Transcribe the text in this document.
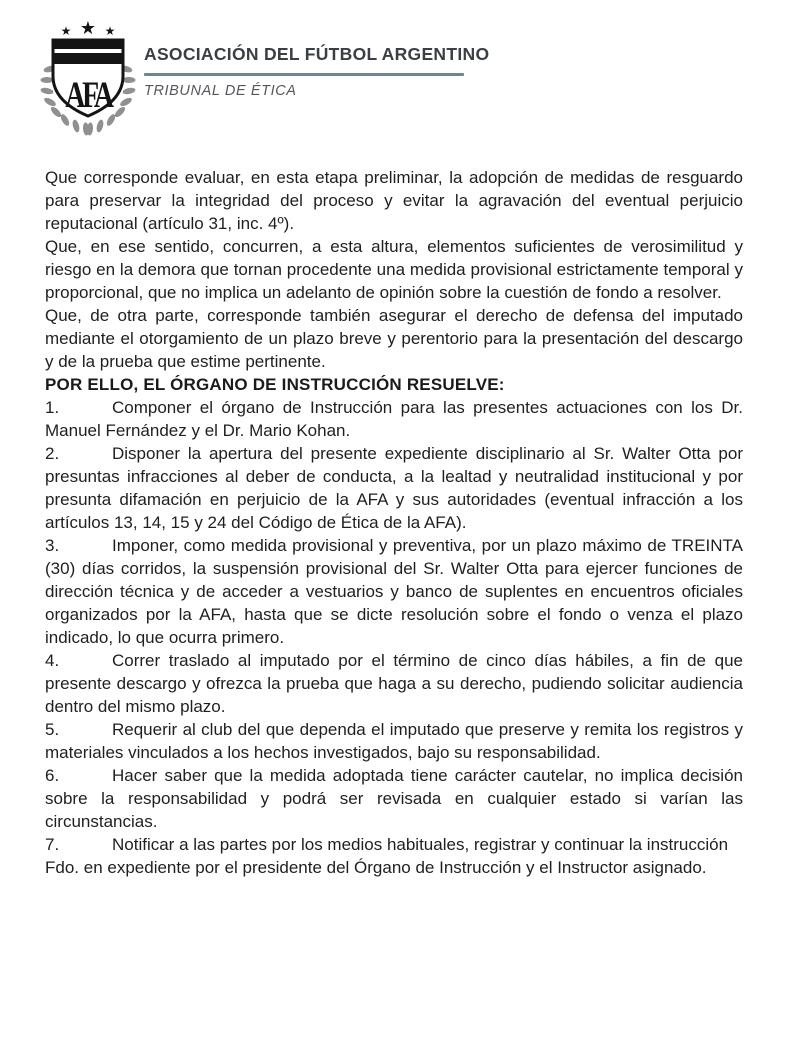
★ ★ ★
AFA
ASOCIACIÓN DEL FÚTBOL ARGENTINO
TRIBUNAL DE ÉTICA

Que corresponde evaluar, en esta etapa preliminar, la adopción de medidas de resguardo para preservar la integridad del proceso y evitar la agravación del eventual perjuicio reputacional (artículo 31, inc. 4º).

Que, en ese sentido, concurren, a esta altura, elementos suficientes de verosimilitud y riesgo en la demora que tornan procedente una medida provisional estrictamente temporal y proporcional, que no implica un adelanto de opinión sobre la cuestión de fondo a resolver.

Que, de otra parte, corresponde también asegurar el derecho de defensa del imputado mediante el otorgamiento de un plazo breve y perentorio para la presentación del descargo y de la prueba que estime pertinente.

POR ELLO, EL ÓRGANO DE INSTRUCCIÓN RESUELVE:

1.	Componer el órgano de Instrucción para las presentes actuaciones con los Dr. Manuel Fernández y el Dr. Mario Kohan.

2.	Disponer la apertura del presente expediente disciplinario al Sr. Walter Otta por presuntas infracciones al deber de conducta, a la lealtad y neutralidad institucional y por presunta difamación en perjuicio de la AFA y sus autoridades (eventual infracción a los artículos 13, 14, 15 y 24 del Código de Ética de la AFA).

3.	Imponer, como medida provisional y preventiva, por un plazo máximo de TREINTA (30) días corridos, la suspensión provisional del Sr. Walter Otta para ejercer funciones de dirección técnica y de acceder a vestuarios y banco de suplentes en encuentros oficiales organizados por la AFA, hasta que se dicte resolución sobre el fondo o venza el plazo indicado, lo que ocurra primero.

4.	Correr traslado al imputado por el término de cinco días hábiles, a fin de que presente descargo y ofrezca la prueba que haga a su derecho, pudiendo solicitar audiencia dentro del mismo plazo.

5.	Requerir al club del que dependa el imputado que preserve y remita los registros y materiales vinculados a los hechos investigados, bajo su responsabilidad.

6.	Hacer saber que la medida adoptada tiene carácter cautelar, no implica decisión sobre la responsabilidad y podrá ser revisada en cualquier estado si varían las circunstancias.

7.	Notificar a las partes por los medios habituales, registrar y continuar la instrucción

Fdo. en expediente por el presidente del Órgano de Instrucción y el Instructor asignado.
